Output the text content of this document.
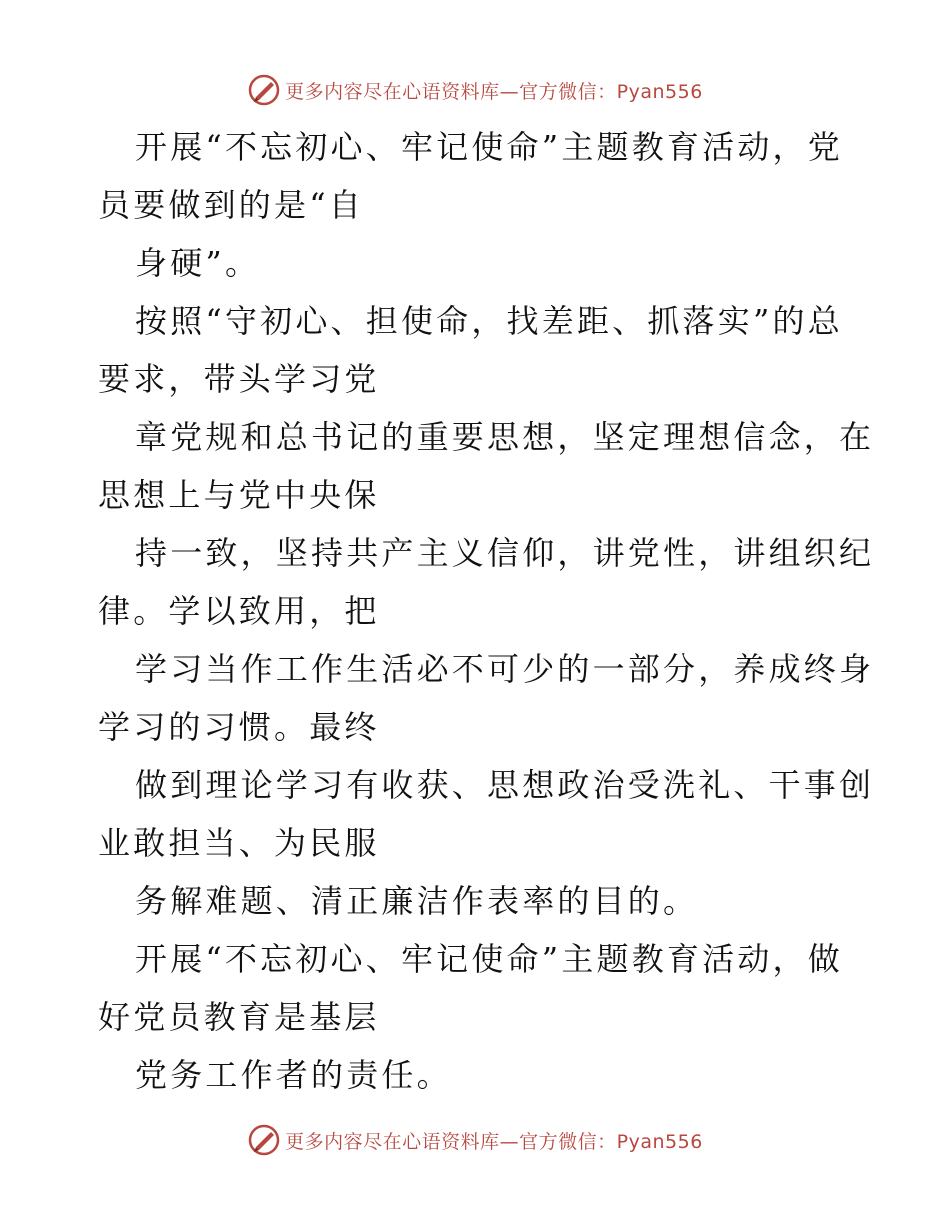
更多内容尽在心语资料库—官方微信：Pyan556
开展“不忘初心、牢记使命”主题教育活动，党
员要做到的是“自
身硬”。
按照“守初心、担使命，找差距、抓落实”的总
要求，带头学习党
章党规和总书记的重要思想，坚定理想信念，在
思想上与党中央保
持一致，坚持共产主义信仰，讲党性，讲组织纪
律。学以致用，把
学习当作工作生活必不可少的一部分，养成终身
学习的习惯。最终
做到理论学习有收获、思想政治受洗礼、干事创
业敢担当、为民服
务解难题、清正廉洁作表率的目的。
开展“不忘初心、牢记使命”主题教育活动，做
好党员教育是基层
党务工作者的责任。
更多内容尽在心语资料库—官方微信：Pyan556
